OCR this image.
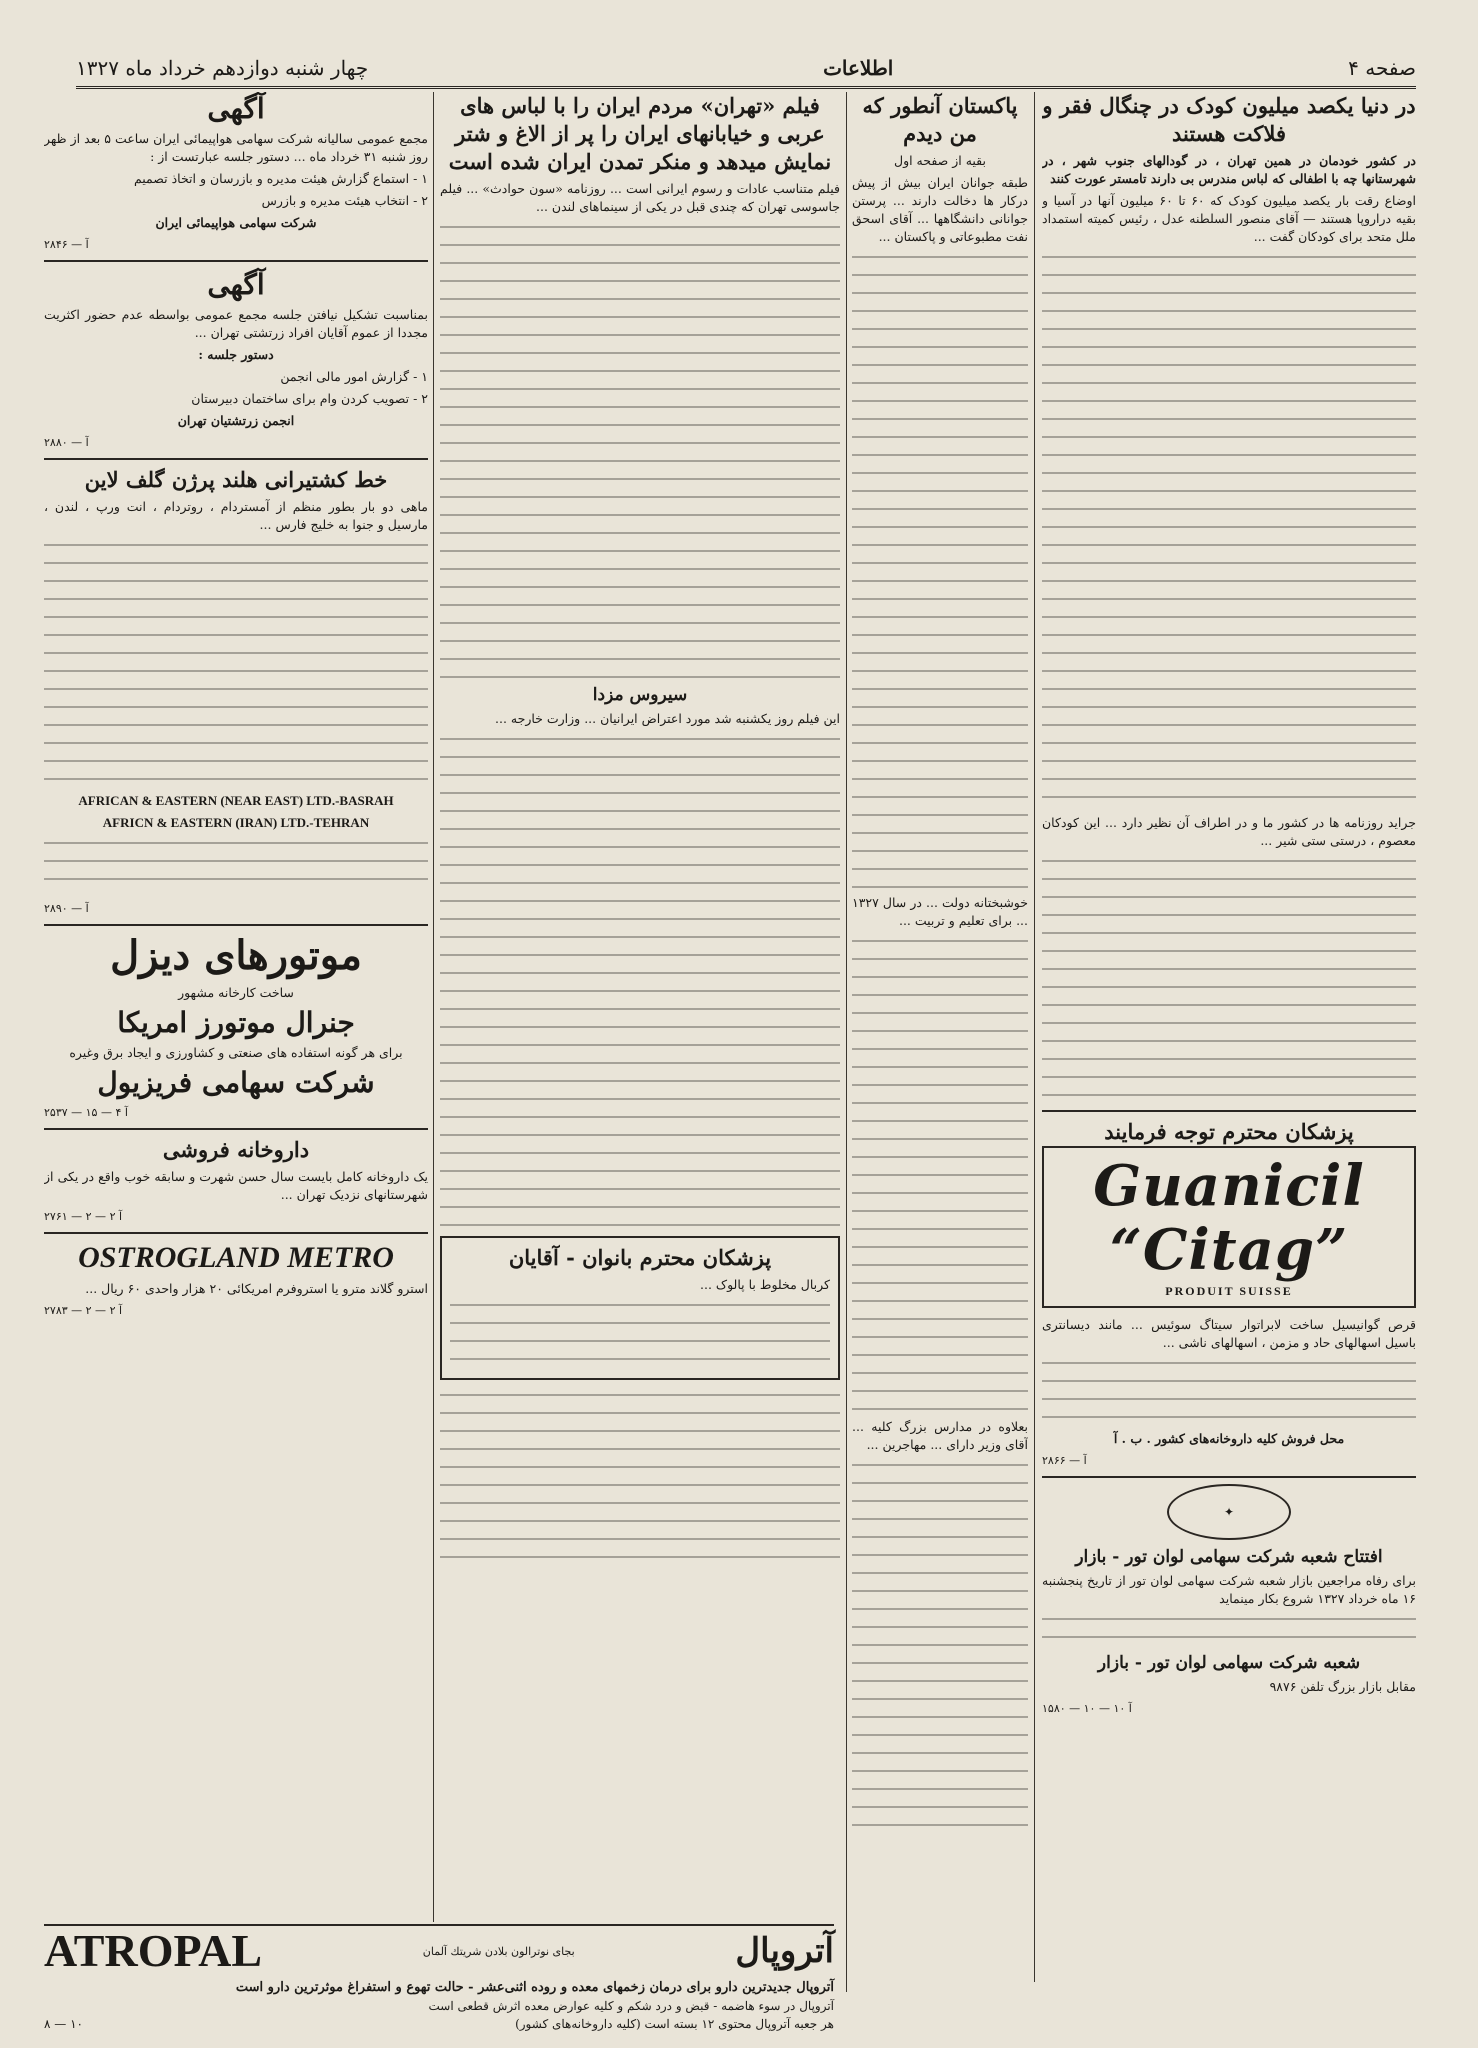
صفحه ۴
اطلاعات
چهار شنبه دوازدهم خرداد ماه ۱۳۲۷
در دنیا یکصد میلیون کودک در چنگال فقر و فلاکت هستند

در کشور خودمان در همین تهران ، در گودالهای جنوب شهر ، در شهرستانها چه با اطفالی که لباس مندرس بی دارند تامستر عورت کنند

اوضاع رقت بار یکصد میلیون کودک که ۶۰ تا ۶۰ میلیون آنها در آسیا و بقیه دراروپا هستند — آقای منصور السلطنه عدل ، رئیس کمیته استمداد ملل متحد برای کودکان گفت ...

جراید روزنامه ها در کشور ما و در اطراف آن نظیر دارد ... این کودکان معصوم ، درستی ستی شیر ...

پزشکان محترم توجه فرمایند
Guanicil “Citag”
PRODUIT SUISSE

قرص گوانیسیل ساخت لابراتوار سیتاگ سوئیس ... مانند دیسانتری باسیل اسهالهای حاد و مزمن ، اسهالهای ناشی ...

محل فروش کلیه داروخانه‌های کشور . ب . آ

۲۸۶۶ — آ

✦
افتتاح شعبه شرکت سهامی لوان تور - بازار

برای رفاه مراجعین بازار شعبه شرکت سهامی لوان تور از تاریخ پنجشنبه ۱۶ ماه خرداد ۱۳۲۷ شروع بکار مینماید

شعبه شرکت سهامی لوان تور - بازار

مقابل بازار بزرگ تلفن ۹۸۷۶

۱۵۸۰ — آ ۱۰ — ۱۰

پاکستان آنطور که من دیدم

بقیه از صفحه اول

طبقه جوانان ایران بیش از پیش درکار ها دخالت دارند ... پرستن جوانانی دانشگاهها ... آقای اسحق نفت مطبوعاتی و پاکستان ...

خوشبختانه دولت ... در سال ۱۳۲۷ ... برای تعلیم و تربیت ...

بعلاوه در مدارس بزرگ کلیه ... آقای وزیر دارای ... مهاجرین ...

فیلم «تهران» مردم ایران را با لباس های عربی و خیابانهای ایران را پر از الاغ و شتر نمایش میدهد و منکر تمدن ایران شده است

فیلم متناسب عادات و رسوم ایرانی است ... روزنامه «سون حوادث» ... فیلم جاسوسی تهران که چندی قبل در یکی از سینماهای لندن ...

سیروس مزدا

این فیلم روز یکشنبه شد مورد اعتراض ایرانیان ... وزارت خارجه ...

پزشکان محترم بانوان - آقایان

کربال مخلوط با پالوک ...

آگهی

مجمع عمومی سالیانه شرکت سهامی هواپیمائی ایران ساعت ۵ بعد از ظهر روز شنبه ۳۱ خرداد ماه ... دستور جلسه عبارتست از :

۱ - استماع گزارش هیئت مدیره و بازرسان و اتخاذ تصمیم

۲ - انتخاب هیئت مدیره و بازرس

شرکت سهامی هواپیمائی ایران

۲۸۴۶ — آ

آگهی

بمناسبت تشکیل نیافتن جلسه مجمع عمومی بواسطه عدم حضور اکثریت مجددا از عموم آقایان افراد زرتشتی تهران ...

دستور جلسه :

۱ - گزارش امور مالی انجمن

۲ - تصویب کردن وام برای ساختمان دبیرستان

انجمن زرتشتیان تهران

۲۸۸۰ — آ

خط کشتیرانی هلند پرژن گلف لاین

ماهی دو بار بطور منظم از آمستردام ، روتردام ، انت ورپ ، لندن ، مارسیل و جنوا به خلیج فارس ...

AFRICAN & EASTERN (NEAR EAST) LTD.-BASRAH

AFRICN & EASTERN (IRAN) LTD.-TEHRAN

۲۸۹۰ — آ

موتورهای دیزل

ساخت کارخانه مشهور

جنرال موتورز امریکا

برای هر گونه استفاده های صنعتی و کشاورزی و ایجاد برق وغیره

شرکت سهامی فریزیول

۲۵۳۷ — آ ۴ — ۱۵

داروخانه فروشی

یک داروخانه کامل بایست سال حسن شهرت و سابقه خوب واقع در یکی از شهرستانهای نزدیک تهران ...

۲۷۶۱ — آ ۲ — ۲

OSTROGLAND METRO

استرو گلاند مترو یا استروفرم امریکائی ۲۰ هزار واحدی ۶۰ ریال ...

۲۷۸۳ — آ ۲ — ۲

آتروپال
بجای نوترالون بلادن شریتك آلمان
ATROPAL

آتروپال جدیدترین دارو برای درمان زخمهای معده و روده اثنی‌عشر - حالت تهوع و استفراغ موثرترین دارو است

آتروپال در سوء هاضمه - قبض و درد شکم و کلیه عوارض معده اثرش قطعی است

هر جعبه آتروپال محتوی ۱۲ بسته است (کلیه داروخانه‌های کشور)
۱۰ — ۸
